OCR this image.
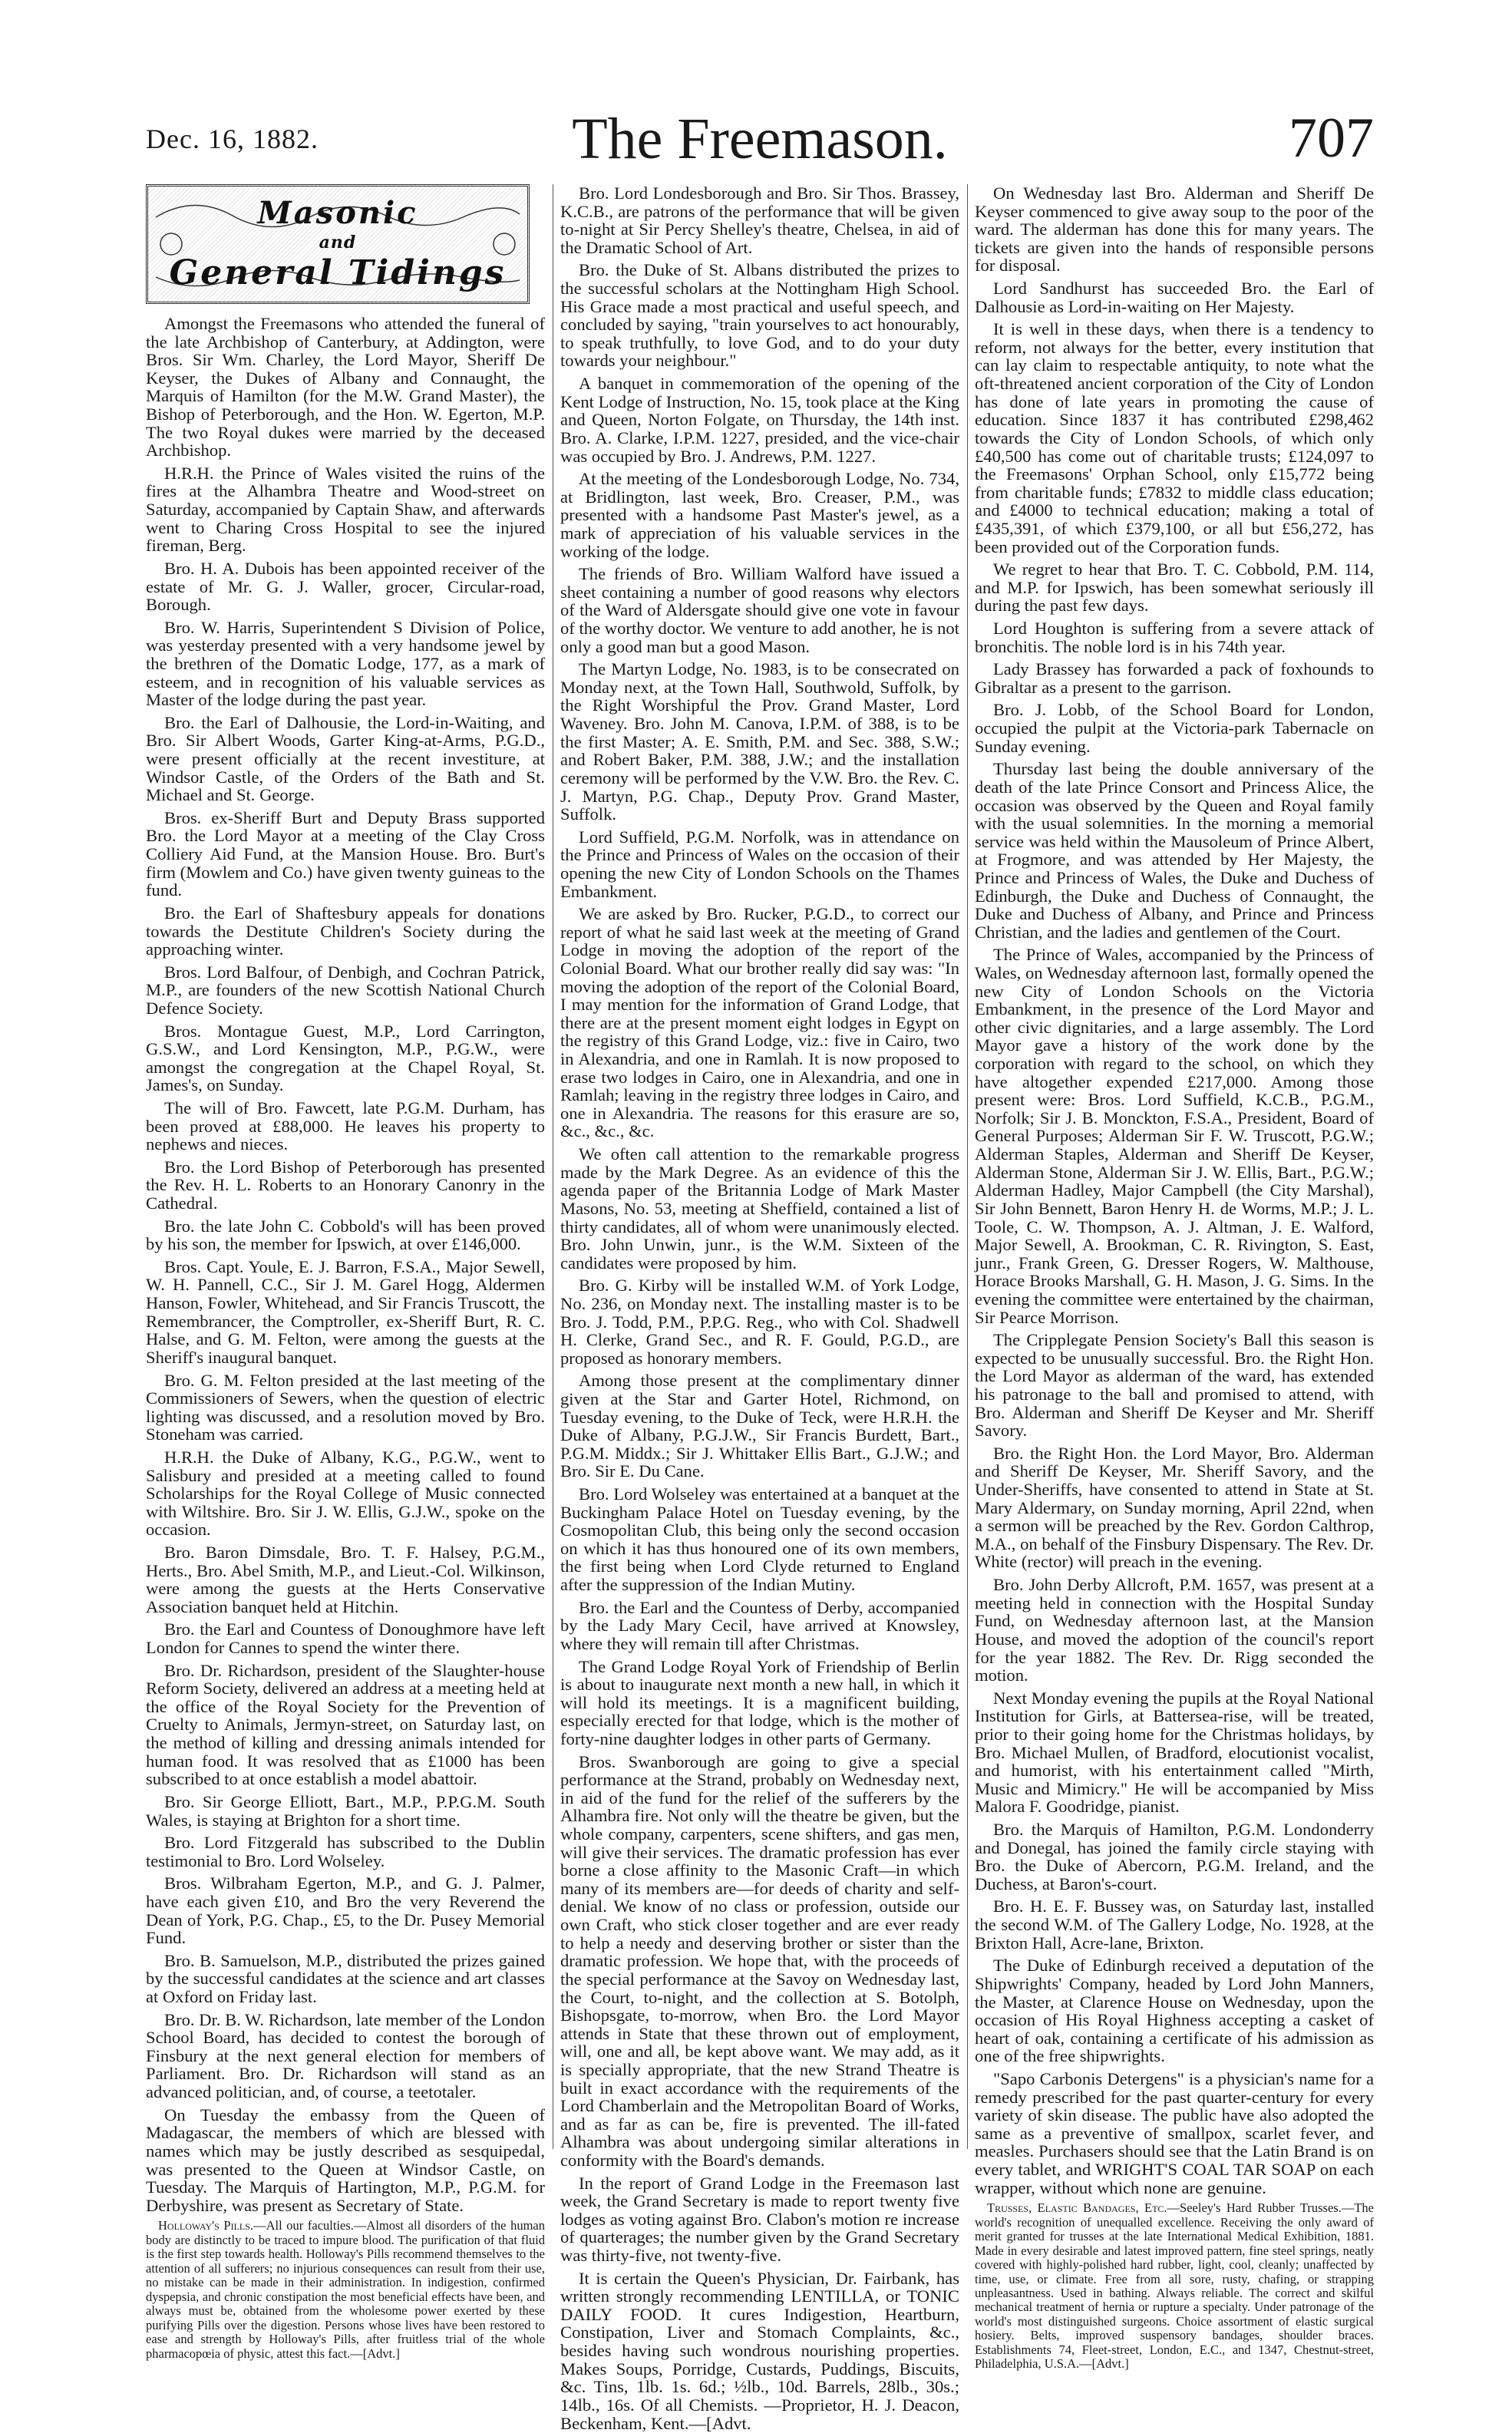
Dec. 16, 1882.	The Freemason.	707
Masonic
and
General Tidings

Amongst the Freemasons who attended the funeral of the late Archbishop of Canterbury, at Addington, were Bros. Sir Wm. Charley, the Lord Mayor, Sheriff De Keyser, the Dukes of Albany and Connaught, the Marquis of Hamilton (for the M.W. Grand Master), the Bishop of Peterborough, and the Hon. W. Egerton, M.P. The two Royal dukes were married by the deceased Archbishop.

H.R.H. the Prince of Wales visited the ruins of the fires at the Alhambra Theatre and Wood-street on Saturday, accompanied by Captain Shaw, and afterwards went to Charing Cross Hospital to see the injured fireman, Berg.

Bro. H. A. Dubois has been appointed receiver of the estate of Mr. G. J. Waller, grocer, Circular-road, Borough.

Bro. W. Harris, Superintendent S Division of Police, was yesterday presented with a very handsome jewel by the brethren of the Domatic Lodge, 177, as a mark of esteem, and in recognition of his valuable services as Master of the lodge during the past year.

Bro. the Earl of Dalhousie, the Lord-in-Waiting, and Bro. Sir Albert Woods, Garter King-at-Arms, P.G.D., were present officially at the recent investiture, at Windsor Castle, of the Orders of the Bath and St. Michael and St. George.

Bros. ex-Sheriff Burt and Deputy Brass supported Bro. the Lord Mayor at a meeting of the Clay Cross Colliery Aid Fund, at the Mansion House. Bro. Burt's firm (Mowlem and Co.) have given twenty guineas to the fund.

Bro. the Earl of Shaftesbury appeals for donations towards the Destitute Children's Society during the approaching winter.

Bros. Lord Balfour, of Denbigh, and Cochran Patrick, M.P., are founders of the new Scottish National Church Defence Society.

Bros. Montague Guest, M.P., Lord Carrington, G.S.W., and Lord Kensington, M.P., P.G.W., were amongst the congregation at the Chapel Royal, St. James's, on Sunday.

The will of Bro. Fawcett, late P.G.M. Durham, has been proved at £88,000. He leaves his property to nephews and nieces.

Bro. the Lord Bishop of Peterborough has presented the Rev. H. L. Roberts to an Honorary Canonry in the Cathedral.

Bro. the late John C. Cobbold's will has been proved by his son, the member for Ipswich, at over £146,000.

Bros. Capt. Youle, E. J. Barron, F.S.A., Major Sewell, W. H. Pannell, C.C., Sir J. M. Garel Hogg, Aldermen Hanson, Fowler, Whitehead, and Sir Francis Truscott, the Remembrancer, the Comptroller, ex-Sheriff Burt, R. C. Halse, and G. M. Felton, were among the guests at the Sheriff's inaugural banquet.

Bro. G. M. Felton presided at the last meeting of the Commissioners of Sewers, when the question of electric lighting was discussed, and a resolution moved by Bro. Stoneham was carried.

H.R.H. the Duke of Albany, K.G., P.G.W., went to Salisbury and presided at a meeting called to found Scholarships for the Royal College of Music connected with Wiltshire. Bro. Sir J. W. Ellis, G.J.W., spoke on the occasion.

Bro. Baron Dimsdale, Bro. T. F. Halsey, P.G.M., Herts., Bro. Abel Smith, M.P., and Lieut.-Col. Wilkinson, were among the guests at the Herts Conservative Association banquet held at Hitchin.

Bro. the Earl and Countess of Donoughmore have left London for Cannes to spend the winter there.

Bro. Dr. Richardson, president of the Slaughter-house Reform Society, delivered an address at a meeting held at the office of the Royal Society for the Prevention of Cruelty to Animals, Jermyn-street, on Saturday last, on the method of killing and dressing animals intended for human food. It was resolved that as £1000 has been subscribed to at once establish a model abattoir.

Bro. Sir George Elliott, Bart., M.P., P.P.G.M. South Wales, is staying at Brighton for a short time.

Bro. Lord Fitzgerald has subscribed to the Dublin testimonial to Bro. Lord Wolseley.

Bros. Wilbraham Egerton, M.P., and G. J. Palmer, have each given £10, and Bro the very Reverend the Dean of York, P.G. Chap., £5, to the Dr. Pusey Memorial Fund.

Bro. B. Samuelson, M.P., distributed the prizes gained by the successful candidates at the science and art classes at Oxford on Friday last.

Bro. Dr. B. W. Richardson, late member of the London School Board, has decided to contest the borough of Finsbury at the next general election for members of Parliament. Bro. Dr. Richardson will stand as an advanced politician, and, of course, a teetotaler.

On Tuesday the embassy from the Queen of Madagascar, the members of which are blessed with names which may be justly described as sesquipedal, was presented to the Queen at Windsor Castle, on Tuesday. The Marquis of Hartington, M.P., P.G.M. for Derbyshire, was present as Secretary of State.

Holloway's Pills.—All our faculties.—Almost all disorders of the human body are distinctly to be traced to impure blood. The purification of that fluid is the first step towards health. Holloway's Pills recommend themselves to the attention of all sufferers; no injurious consequences can result from their use, no mistake can be made in their administration. In indigestion, confirmed dyspepsia, and chronic constipation the most beneficial effects have been, and always must be, obtained from the wholesome power exerted by these purifying Pills over the digestion. Persons whose lives have been restored to ease and strength by Holloway's Pills, after fruitless trial of the whole pharmacopœia of physic, attest this fact.—[Advt.]

Bro. Lord Londesborough and Bro. Sir Thos. Brassey, K.C.B., are patrons of the performance that will be given to-night at Sir Percy Shelley's theatre, Chelsea, in aid of the Dramatic School of Art.

Bro. the Duke of St. Albans distributed the prizes to the successful scholars at the Nottingham High School. His Grace made a most practical and useful speech, and concluded by saying, "train yourselves to act honourably, to speak truthfully, to love God, and to do your duty towards your neighbour."

A banquet in commemoration of the opening of the Kent Lodge of Instruction, No. 15, took place at the King and Queen, Norton Folgate, on Thursday, the 14th inst. Bro. A. Clarke, I.P.M. 1227, presided, and the vice-chair was occupied by Bro. J. Andrews, P.M. 1227.

At the meeting of the Londesborough Lodge, No. 734, at Bridlington, last week, Bro. Creaser, P.M., was presented with a handsome Past Master's jewel, as a mark of appreciation of his valuable services in the working of the lodge.

The friends of Bro. William Walford have issued a sheet containing a number of good reasons why electors of the Ward of Aldersgate should give one vote in favour of the worthy doctor. We venture to add another, he is not only a good man but a good Mason.

The Martyn Lodge, No. 1983, is to be consecrated on Monday next, at the Town Hall, Southwold, Suffolk, by the Right Worshipful the Prov. Grand Master, Lord Waveney. Bro. John M. Canova, I.P.M. of 388, is to be the first Master; A. E. Smith, P.M. and Sec. 388, S.W.; and Robert Baker, P.M. 388, J.W.; and the installation ceremony will be performed by the V.W. Bro. the Rev. C. J. Martyn, P.G. Chap., Deputy Prov. Grand Master, Suffolk.

Lord Suffield, P.G.M. Norfolk, was in attendance on the Prince and Princess of Wales on the occasion of their opening the new City of London Schools on the Thames Embankment.

We are asked by Bro. Rucker, P.G.D., to correct our report of what he said last week at the meeting of Grand Lodge in moving the adoption of the report of the Colonial Board. What our brother really did say was: "In moving the adoption of the report of the Colonial Board, I may mention for the information of Grand Lodge, that there are at the present moment eight lodges in Egypt on the registry of this Grand Lodge, viz.: five in Cairo, two in Alexandria, and one in Ramlah. It is now proposed to erase two lodges in Cairo, one in Alexandria, and one in Ramlah; leaving in the registry three lodges in Cairo, and one in Alexandria. The reasons for this erasure are so, &c., &c., &c.

We often call attention to the remarkable progress made by the Mark Degree. As an evidence of this the agenda paper of the Britannia Lodge of Mark Master Masons, No. 53, meeting at Sheffield, contained a list of thirty candidates, all of whom were unanimously elected. Bro. John Unwin, junr., is the W.M. Sixteen of the candidates were proposed by him.

Bro. G. Kirby will be installed W.M. of York Lodge, No. 236, on Monday next. The installing master is to be Bro. J. Todd, P.M., P.P.G. Reg., who with Col. Shadwell H. Clerke, Grand Sec., and R. F. Gould, P.G.D., are proposed as honorary members.

Among those present at the complimentary dinner given at the Star and Garter Hotel, Richmond, on Tuesday evening, to the Duke of Teck, were H.R.H. the Duke of Albany, P.G.J.W., Sir Francis Burdett, Bart., P.G.M. Middx.; Sir J. Whittaker Ellis Bart., G.J.W.; and Bro. Sir E. Du Cane.

Bro. Lord Wolseley was entertained at a banquet at the Buckingham Palace Hotel on Tuesday evening, by the Cosmopolitan Club, this being only the second occasion on which it has thus honoured one of its own members, the first being when Lord Clyde returned to England after the suppression of the Indian Mutiny.

Bro. the Earl and the Countess of Derby, accompanied by the Lady Mary Cecil, have arrived at Knowsley, where they will remain till after Christmas.

The Grand Lodge Royal York of Friendship of Berlin is about to inaugurate next month a new hall, in which it will hold its meetings. It is a magnificent building, especially erected for that lodge, which is the mother of forty-nine daughter lodges in other parts of Germany.

Bros. Swanborough are going to give a special performance at the Strand, probably on Wednesday next, in aid of the fund for the relief of the sufferers by the Alhambra fire. Not only will the theatre be given, but the whole company, carpenters, scene shifters, and gas men, will give their services. The dramatic profession has ever borne a close affinity to the Masonic Craft—in which many of its members are—for deeds of charity and self-denial. We know of no class or profession, outside our own Craft, who stick closer together and are ever ready to help a needy and deserving brother or sister than the dramatic profession. We hope that, with the proceeds of the special performance at the Savoy on Wednesday last, the Court, to-night, and the collection at S. Botolph, Bishopsgate, to-morrow, when Bro. the Lord Mayor attends in State that these thrown out of employment, will, one and all, be kept above want. We may add, as it is specially appropriate, that the new Strand Theatre is built in exact accordance with the requirements of the Lord Chamberlain and the Metropolitan Board of Works, and as far as can be, fire is prevented. The ill-fated Alhambra was about undergoing similar alterations in conformity with the Board's demands.

In the report of Grand Lodge in the Freemason last week, the Grand Secretary is made to report twenty five lodges as voting against Bro. Clabon's motion re increase of quarterages; the number given by the Grand Secretary was thirty-five, not twenty-five.

It is certain the Queen's Physician, Dr. Fairbank, has written strongly recommending LENTILLA, or TONIC DAILY FOOD. It cures Indigestion, Heartburn, Constipation, Liver and Stomach Complaints, &c., besides having such wondrous nourishing properties. Makes Soups, Porridge, Custards, Puddings, Biscuits, &c. Tins, 1lb. 1s. 6d.; ½lb., 10d. Barrels, 28lb., 30s.; 14lb., 16s. Of all Chemists. —Proprietor, H. J. Deacon, Beckenham, Kent.—[Advt.

On Wednesday last Bro. Alderman and Sheriff De Keyser commenced to give away soup to the poor of the ward. The alderman has done this for many years. The tickets are given into the hands of responsible persons for disposal.

Lord Sandhurst has succeeded Bro. the Earl of Dalhousie as Lord-in-waiting on Her Majesty.

It is well in these days, when there is a tendency to reform, not always for the better, every institution that can lay claim to respectable antiquity, to note what the oft-threatened ancient corporation of the City of London has done of late years in promoting the cause of education. Since 1837 it has contributed £298,462 towards the City of London Schools, of which only £40,500 has come out of charitable trusts; £124,097 to the Freemasons' Orphan School, only £15,772 being from charitable funds; £7832 to middle class education; and £4000 to technical education; making a total of £435,391, of which £379,100, or all but £56,272, has been provided out of the Corporation funds.

We regret to hear that Bro. T. C. Cobbold, P.M. 114, and M.P. for Ipswich, has been somewhat seriously ill during the past few days.

Lord Houghton is suffering from a severe attack of bronchitis. The noble lord is in his 74th year.

Lady Brassey has forwarded a pack of foxhounds to Gibraltar as a present to the garrison.

Bro. J. Lobb, of the School Board for London, occupied the pulpit at the Victoria-park Tabernacle on Sunday evening.

Thursday last being the double anniversary of the death of the late Prince Consort and Princess Alice, the occasion was observed by the Queen and Royal family with the usual solemnities. In the morning a memorial service was held within the Mausoleum of Prince Albert, at Frogmore, and was attended by Her Majesty, the Prince and Princess of Wales, the Duke and Duchess of Edinburgh, the Duke and Duchess of Connaught, the Duke and Duchess of Albany, and Prince and Princess Christian, and the ladies and gentlemen of the Court.

The Prince of Wales, accompanied by the Princess of Wales, on Wednesday afternoon last, formally opened the new City of London Schools on the Victoria Embankment, in the presence of the Lord Mayor and other civic dignitaries, and a large assembly. The Lord Mayor gave a history of the work done by the corporation with regard to the school, on which they have altogether expended £217,000. Among those present were: Bros. Lord Suffield, K.C.B., P.G.M., Norfolk; Sir J. B. Monckton, F.S.A., President, Board of General Purposes; Alderman Sir F. W. Truscott, P.G.W.; Alderman Staples, Alderman and Sheriff De Keyser, Alderman Stone, Alderman Sir J. W. Ellis, Bart., P.G.W.; Alderman Hadley, Major Campbell (the City Marshal), Sir John Bennett, Baron Henry H. de Worms, M.P.; J. L. Toole, C. W. Thompson, A. J. Altman, J. E. Walford, Major Sewell, A. Brookman, C. R. Rivington, S. East, junr., Frank Green, G. Dresser Rogers, W. Malthouse, Horace Brooks Marshall, G. H. Mason, J. G. Sims. In the evening the committee were entertained by the chairman, Sir Pearce Morrison.

The Cripplegate Pension Society's Ball this season is expected to be unusually successful. Bro. the Right Hon. the Lord Mayor as alderman of the ward, has extended his patronage to the ball and promised to attend, with Bro. Alderman and Sheriff De Keyser and Mr. Sheriff Savory.

Bro. the Right Hon. the Lord Mayor, Bro. Alderman and Sheriff De Keyser, Mr. Sheriff Savory, and the Under-Sheriffs, have consented to attend in State at St. Mary Aldermary, on Sunday morning, April 22nd, when a sermon will be preached by the Rev. Gordon Calthrop, M.A., on behalf of the Finsbury Dispensary. The Rev. Dr. White (rector) will preach in the evening.

Bro. John Derby Allcroft, P.M. 1657, was present at a meeting held in connection with the Hospital Sunday Fund, on Wednesday afternoon last, at the Mansion House, and moved the adoption of the council's report for the year 1882. The Rev. Dr. Rigg seconded the motion.

Next Monday evening the pupils at the Royal National Institution for Girls, at Battersea-rise, will be treated, prior to their going home for the Christmas holidays, by Bro. Michael Mullen, of Bradford, elocutionist vocalist, and humorist, with his entertainment called "Mirth, Music and Mimicry." He will be accompanied by Miss Malora F. Goodridge, pianist.

Bro. the Marquis of Hamilton, P.G.M. Londonderry and Donegal, has joined the family circle staying with Bro. the Duke of Abercorn, P.G.M. Ireland, and the Duchess, at Baron's-court.

Bro. H. E. F. Bussey was, on Saturday last, installed the second W.M. of The Gallery Lodge, No. 1928, at the Brixton Hall, Acre-lane, Brixton.

The Duke of Edinburgh received a deputation of the Shipwrights' Company, headed by Lord John Manners, the Master, at Clarence House on Wednesday, upon the occasion of His Royal Highness accepting a casket of heart of oak, containing a certificate of his admission as one of the free shipwrights.

"Sapo Carbonis Detergens" is a physician's name for a remedy prescribed for the past quarter-century for every variety of skin disease. The public have also adopted the same as a preventive of smallpox, scarlet fever, and measles. Purchasers should see that the Latin Brand is on every tablet, and WRIGHT'S COAL TAR SOAP on each wrapper, without which none are genuine.

Trusses, Elastic Bandages, Etc.—Seeley's Hard Rubber Trusses.—The world's recognition of unequalled excellence. Receiving the only award of merit granted for trusses at the late International Medical Exhibition, 1881. Made in every desirable and latest improved pattern, fine steel springs, neatly covered with highly-polished hard rubber, light, cool, cleanly; unaffected by time, use, or climate. Free from all sore, rusty, chafing, or strapping unpleasantness. Used in bathing. Always reliable. The correct and skilful mechanical treatment of hernia or rupture a specialty. Under patronage of the world's most distinguished surgeons. Choice assortment of elastic surgical hosiery. Belts, improved suspensory bandages, shoulder braces. Establishments 74, Fleet-street, London, E.C., and 1347, Chestnut-street, Philadelphia, U.S.A.—[Advt.]
